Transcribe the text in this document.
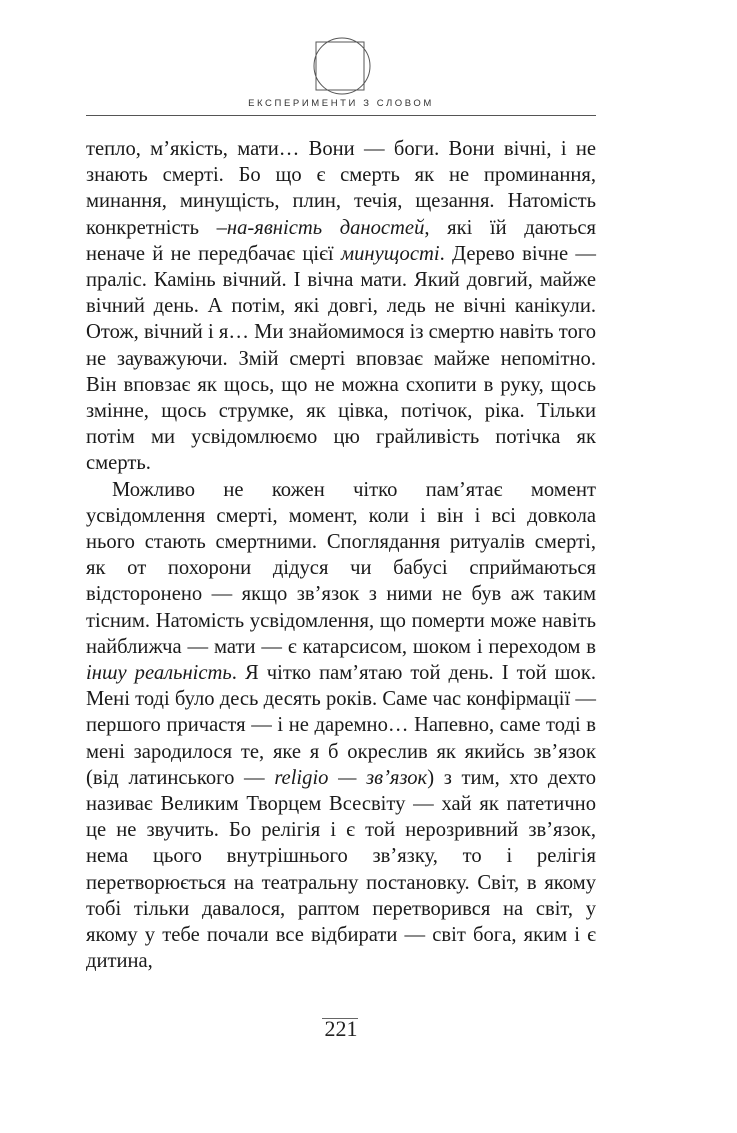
ЕКСПЕРИМЕНТИ З СЛОВОМ

тепло, м’якість, мати… Вони — боги. Вони вічні, і не знають смерті. Бо що є смерть як не проминання, минання, минущість, плин, течія, щезання. Натомість конкретність –на-явність даностей, які їй даються неначе й не передбачає цієї минущості. Дерево вічне — праліс. Камінь вічний. І вічна мати. Який довгий, майже вічний день. А потім, які довгі, ледь не вічні канікули. Отож, вічний і я… Ми знайомимося із смертю навіть того не зауважуючи. Змій смерті вповзає майже непомітно. Він вповзає як щось, що не можна схопити в руку, щось змінне, щось струмке, як цівка, потічок, ріка. Тільки потім ми усвідомлюємо цю грайливість потічка як смерть.

Можливо не кожен чітко пам’ятає момент усвідомлення смерті, момент, коли і він і всі довкола нього стають смертними. Споглядання ритуалів смерті, як от похорони дідуся чи бабусі сприймаються відсторонено — якщо зв’язок з ними не був аж таким тісним. Натомість усвідомлення, що померти може навіть найближча — мати — є катарсисом, шоком і переходом в іншу реальність. Я чітко пам’ятаю той день. І той шок. Мені тоді було десь десять років. Саме час конфірмації — першого причастя — і не даремно… Напевно, саме тоді в мені зародилося те, яке я б окреслив як якийсь зв’язок (від латинського — religio — зв’язок) з тим, хто дехто називає Великим Творцем Всесвіту — хай як патетично це не звучить. Бо релігія і є той нерозривний зв’язок, нема цього внутрішнього зв’язку, то і релігія перетворюється на театральну постановку. Світ, в якому тобі тільки давалося, раптом перетворився на світ, у якому у тебе почали все відбирати — світ бога, яким і є дитина,

221
